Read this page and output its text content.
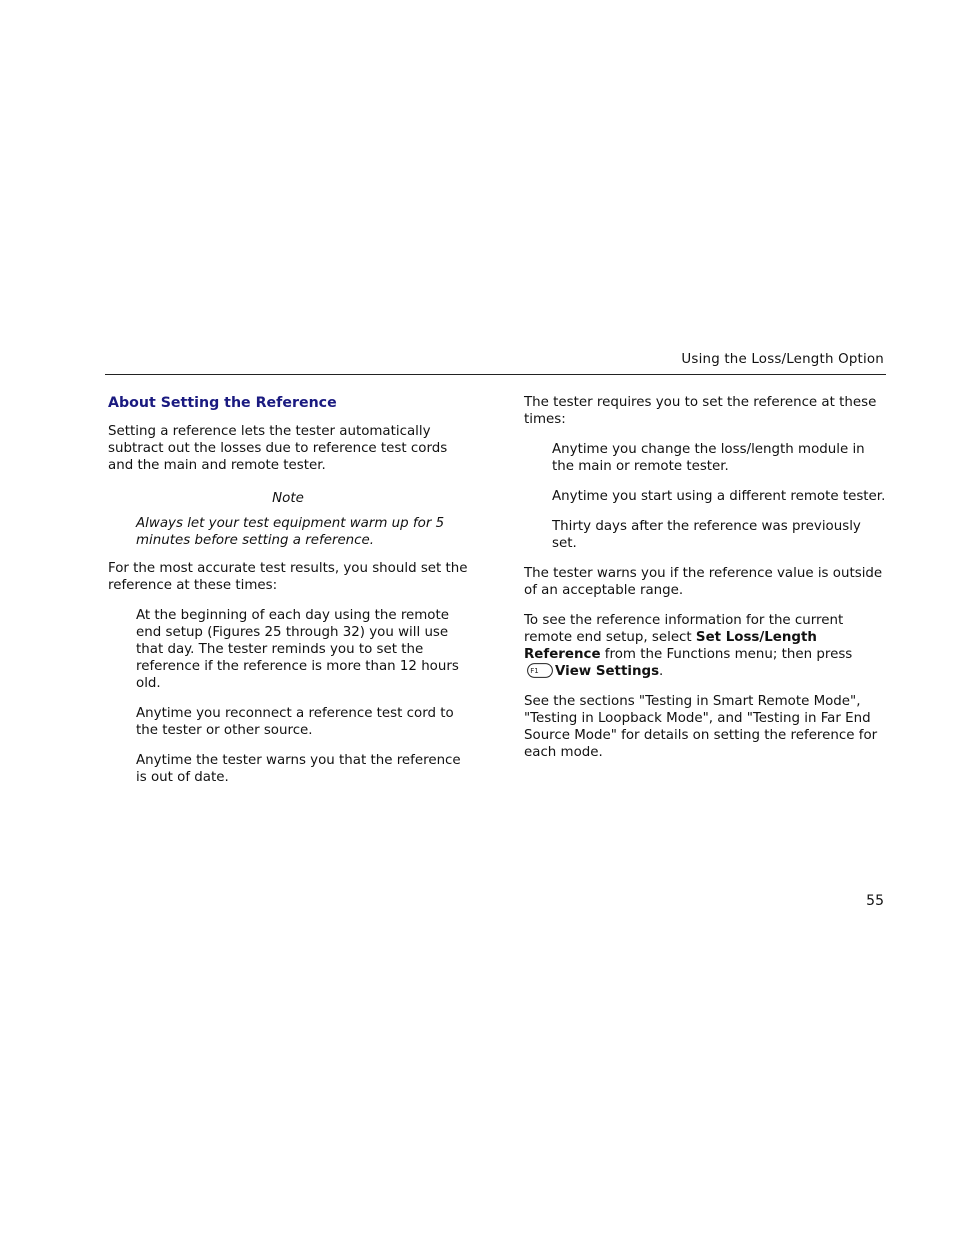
Using the Loss/Length Option
About Setting the Reference

Setting a reference lets the tester automatically subtract out the losses due to reference test cords and the main and remote tester.

Note

Always let your test equipment warm up for 5 minutes before setting a reference.

For the most accurate test results, you should set the reference at these times:

At the beginning of each day using the remote end setup (Figures 25 through 32) you will use that day. The tester reminds you to set the reference if the reference is more than 12 hours old.

Anytime you reconnect a reference test cord to the tester or other source.

Anytime the tester warns you that the reference is out of date.

The tester requires you to set the reference at these times:

Anytime you change the loss/length module in the main or remote tester.

Anytime you start using a different remote tester.

Thirty days after the reference was previously set.

The tester warns you if the reference value is outside of an acceptable range.

To see the reference information for the current remote end setup, select Set Loss/Length Reference from the Functions menu; then press
F1 View Settings.

See the sections "Testing in Smart Remote Mode", "Testing in Loopback Mode", and "Testing in Far End Source Mode" for details on setting the reference for each mode.

55
